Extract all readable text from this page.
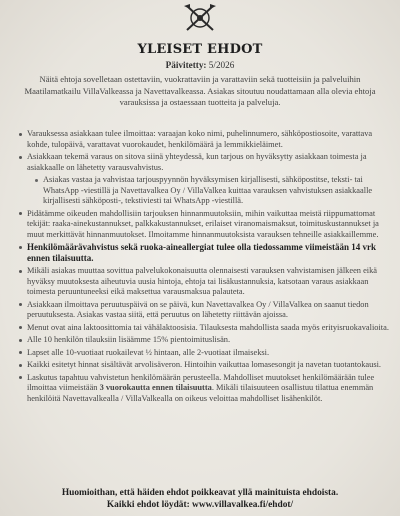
YLEISET EHDOT
Päivitetty: 5/2026
Näitä ehtoja sovelletaan ostettaviin, vuokrattaviin ja varattaviin sekä tuotteisiin ja palveluihin Maatilamatkailu VillaValkeassa ja Navettavalkeassa. Asiakas sitoutuu noudattamaan alla olevia ehtoja varauksissa ja ostaessaan tuotteita ja palveluja.
Varauksessa asiakkaan tulee ilmoittaa: varaajan koko nimi, puhelinnumero, sähköpostiosoite, varattava kohde, tulopäivä, varattavat vuorokaudet, henkilömäärä ja lemmikkieläimet.
Asiakkaan tekemä varaus on sitova siinä yhteydessä, kun tarjous on hyväksytty asiakkaan toimesta ja asiakkaalle on lähetetty varausvahvistus.
Asiakas vastaa ja vahvistaa tarjouspyynnön hyväksymisen kirjallisesti, sähköpostitse, teksti- tai WhatsApp -viestillä ja Navettavalkea Oy / VillaValkea kuittaa varauksen vahvistuksen asiakkaalle kirjallisesti sähköposti-, tekstiviesti tai WhatsApp -viestillä.
Pidätämme oikeuden mahdollisiin tarjouksen hinnanmuutoksiin, mihin vaikuttaa meistä riippumattomat tekijät: raaka-ainekustannukset, palkkakustannukset, erilaiset viranomaismaksut, toimituskustannukset ja muut merkittävät hinnanmuutokset. Ilmoitamme hinnanmuutoksista varauksen tehneille asiakkaillemme.
Henkilömäärävahvistus sekä ruoka-aineallergiat tulee olla tiedossamme viimeistään 14 vrk ennen tilaisuutta.
Mikäli asiakas muuttaa sovittua palvelukokonaisuutta olennaisesti varauksen vahvistamisen jälkeen eikä hyväksy muutoksesta aiheutuvia uusia hintoja, ehtoja tai lisäkustannuksia, katsotaan varaus asiakkaan toimesta peruuntuneeksi eikä maksettua varausmaksua palauteta.
Asiakkaan ilmoittava peruutuspäivä on se päivä, kun Navettavalkea Oy / VillaValkea on saanut tiedon peruutuksesta. Asiakas vastaa siitä, että peruutus on lähetetty riittävän ajoissa.
Menut ovat aina laktoosittomia tai vähälaktoosisia. Tilauksesta mahdollista saada myös erityisruokavalioita.
Alle 10 henkilön tilauksiin lisäämme 15% pientoimituslisän.
Lapset alle 10-vuotiaat ruokailevat ½ hintaan, alle 2-vuotiaat ilmaiseksi.
Kaikki esitetyt hinnat sisältävät arvolisäveron. Hintoihin vaikuttaa lomasesongit ja navetan tuotantokausi.
Laskutus tapahtuu vahvistetun henkilömäärän perusteella. Mahdolliset muutokset henkilömäärään tulee ilmoittaa viimeistään 3 vuorokautta ennen tilaisuutta. Mikäli tilaisuuteen osallistuu tilattua enemmän henkilöitä Navettavalkealla / VillaValkealla on oikeus veloittaa mahdolliset lisähenkilöt.
Huomioithan, että häiden ehdot poikkeavat yllä mainituista ehdoista.
Kaikki ehdot löydät: www.villavalkea.fi/ehdot/
